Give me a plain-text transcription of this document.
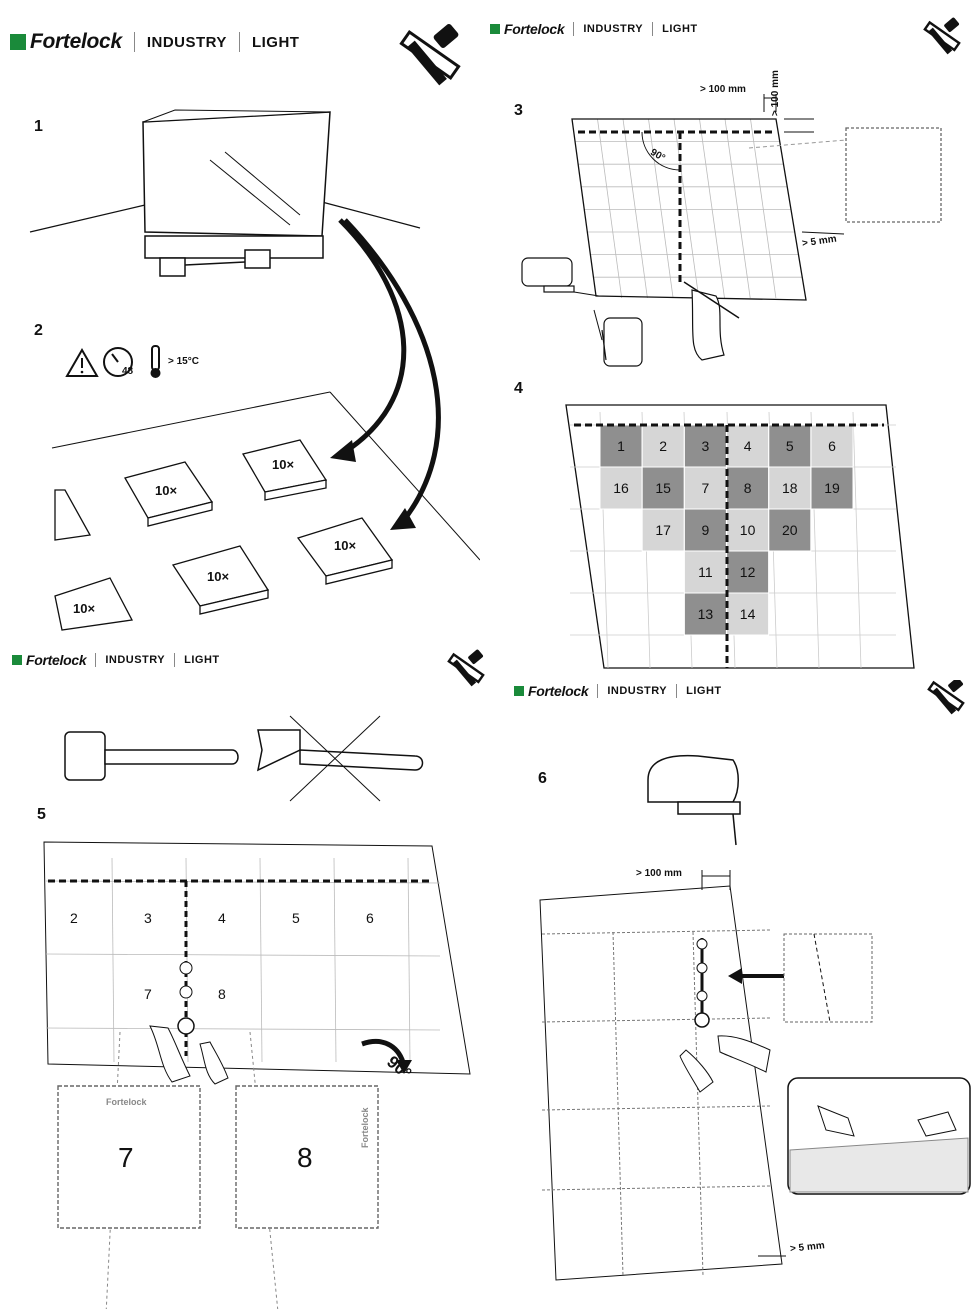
Fortelock INDUSTRY LIGHT
1
2
48
> 15°C
10×
10×
10×
10×
10×
Fortelock INDUSTRY LIGHT
3
4
> 100 mm > 100 mm
> 5 mm
90°
1	2	3	4	5	6
16	15	7	8	18	19
17	9	10	20
11	12
13	14
Fortelock INDUSTRY LIGHT
5
2	3	4	5	6
7	8
Fortelock
Fortelock
7	8
90°
Fortelock INDUSTRY LIGHT
6
> 100 mm
> 5 mm
